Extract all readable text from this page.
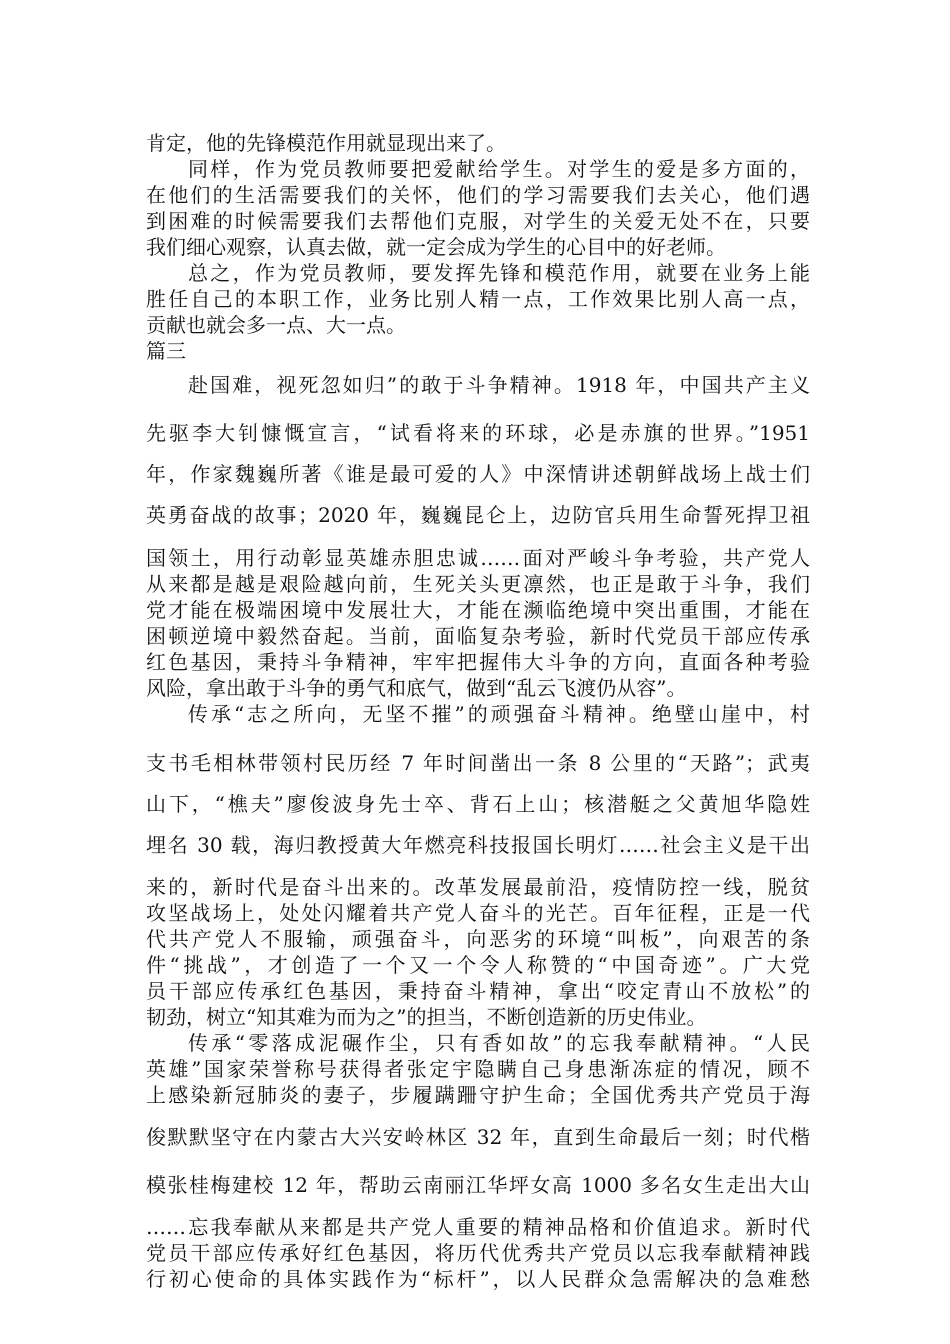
肯定，他的先锋模范作用就显现出来了。
同样，作为党员教师要把爱献给学生。对学生的爱是多方面的，
在他们的生活需要我们的关怀，他们的学习需要我们去关心，他们遇
到困难的时候需要我们去帮他们克服，对学生的关爱无处不在，只要
我们细心观察，认真去做，就一定会成为学生的心目中的好老师。
总之，作为党员教师，要发挥先锋和模范作用，就要在业务上能
胜任自己的本职工作，业务比别人精一点，工作效果比别人高一点，
贡献也就会多一点、大一点。
篇三
赴国难，视死忽如归”的敢于斗争精神。1918 年，中国共产主义
先驱李大钊慷慨宣言，“试看将来的环球，必是赤旗的世界。”1951
年，作家魏巍所著《谁是最可爱的人》中深情讲述朝鲜战场上战士们
英勇奋战的故事；2020 年，巍巍昆仑上，边防官兵用生命誓死捍卫祖
国领土，用行动彰显英雄赤胆忠诚……面对严峻斗争考验，共产党人
从来都是越是艰险越向前，生死关头更凛然，也正是敢于斗争，我们
党才能在极端困境中发展壮大，才能在濒临绝境中突出重围，才能在
困顿逆境中毅然奋起。当前，面临复杂考验，新时代党员干部应传承
红色基因，秉持斗争精神，牢牢把握伟大斗争的方向，直面各种考验
风险，拿出敢于斗争的勇气和底气，做到“乱云飞渡仍从容”。
传承“志之所向，无坚不摧”的顽强奋斗精神。绝壁山崖中，村
支书毛相林带领村民历经 7 年时间凿出一条 8 公里的“天路”；武夷
山下，“樵夫”廖俊波身先士卒、背石上山；核潜艇之父黄旭华隐姓
埋名 30 载，海归教授黄大年燃亮科技报国长明灯……社会主义是干出
来的，新时代是奋斗出来的。改革发展最前沿，疫情防控一线，脱贫
攻坚战场上，处处闪耀着共产党人奋斗的光芒。百年征程，正是一代
代共产党人不服输，顽强奋斗，向恶劣的环境“叫板”，向艰苦的条
件“挑战”，才创造了一个又一个令人称赞的“中国奇迹”。广大党
员干部应传承红色基因，秉持奋斗精神，拿出“咬定青山不放松”的
韧劲，树立“知其难为而为之”的担当，不断创造新的历史伟业。
传承“零落成泥碾作尘，只有香如故”的忘我奉献精神。“人民
英雄”国家荣誉称号获得者张定宇隐瞒自己身患渐冻症的情况，顾不
上感染新冠肺炎的妻子，步履蹒跚守护生命；全国优秀共产党员于海
俊默默坚守在内蒙古大兴安岭林区 32 年，直到生命最后一刻；时代楷
模张桂梅建校 12 年，帮助云南丽江华坪女高 1000 多名女生走出大山
……忘我奉献从来都是共产党人重要的精神品格和价值追求。新时代
党员干部应传承好红色基因，将历代优秀共产党员以忘我奉献精神践
行初心使命的具体实践作为“标杆”，以人民群众急需解决的急难愁
